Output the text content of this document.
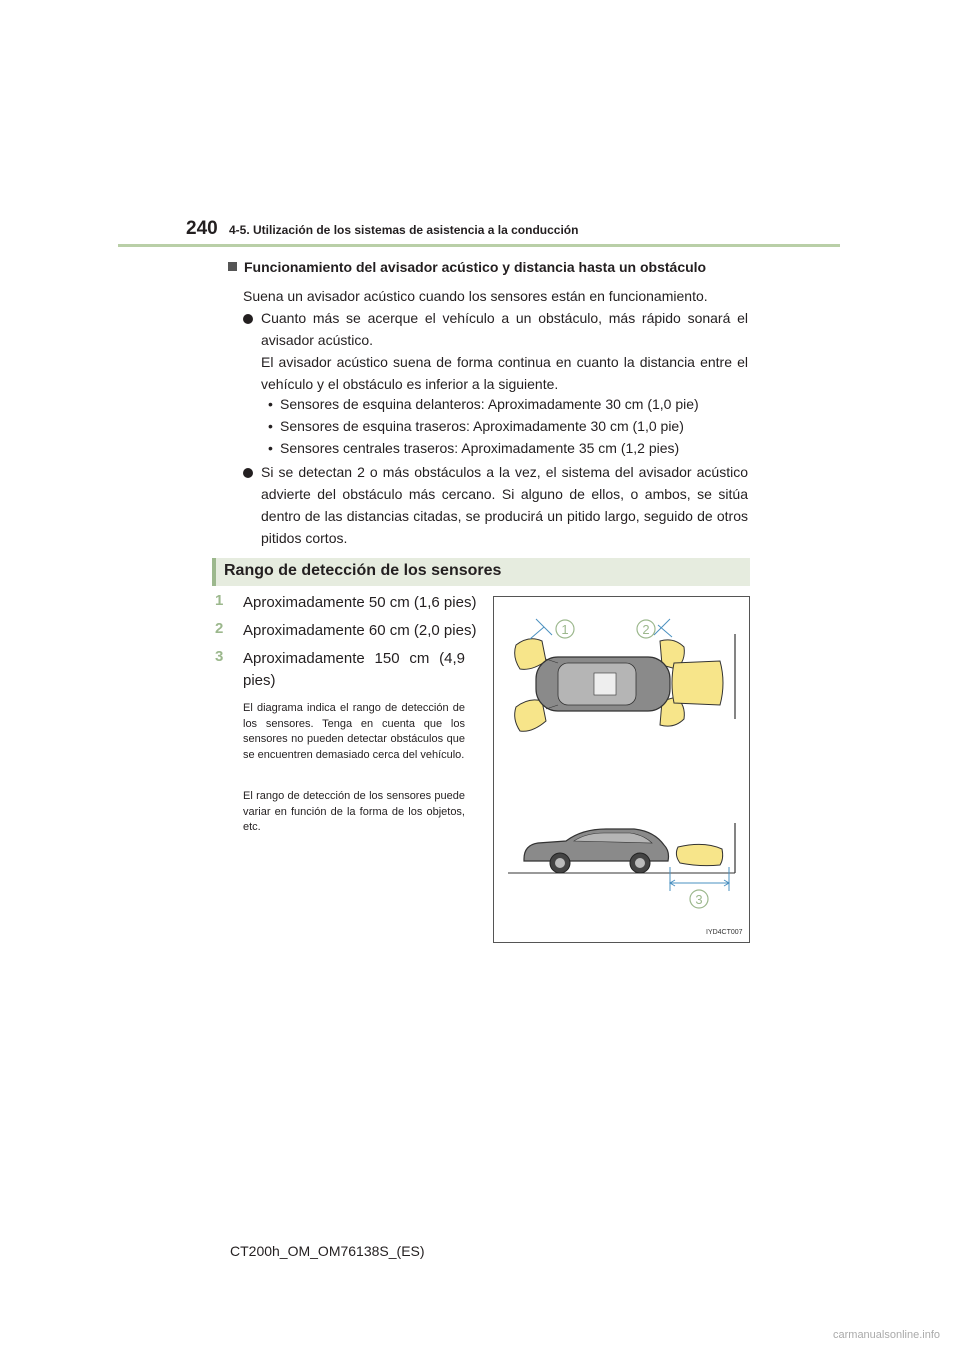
240 4-5. Utilización de los sistemas de asistencia a la conducción
Funcionamiento del avisador acústico y distancia hasta un obstáculo
Suena un avisador acústico cuando los sensores están en funcionamiento.
Cuanto más se acerque el vehículo a un obstáculo, más rápido sonará el avisador acústico.
El avisador acústico suena de forma continua en cuanto la distancia entre el vehículo y el obstáculo es inferior a la siguiente.
• Sensores de esquina delanteros: Aproximadamente 30 cm (1,0 pie)
• Sensores de esquina traseros: Aproximadamente 30 cm (1,0 pie)
• Sensores centrales traseros: Aproximadamente 35 cm (1,2 pies)
Si se detectan 2 o más obstáculos a la vez, el sistema del avisador acústico advierte del obstáculo más cercano. Si alguno de ellos, o ambos, se sitúa dentro de las distancias citadas, se producirá un pitido largo, seguido de otros pitidos cortos.
Rango de detección de los sensores
1	Aproximadamente 50 cm (1,6 pies)
2	Aproximadamente 60 cm (2,0 pies)
3	Aproximadamente 150 cm (4,9 pies)
El diagrama indica el rango de detección de los sensores. Tenga en cuenta que los sensores no pueden detectar obstáculos que se encuentren demasiado cerca del vehículo.
El rango de detección de los sensores puede variar en función de la forma de los objetos, etc.
1	2
3
IYD4CT007
CT200h_OM_OM76138S_(ES)
carmanualsonline.info
